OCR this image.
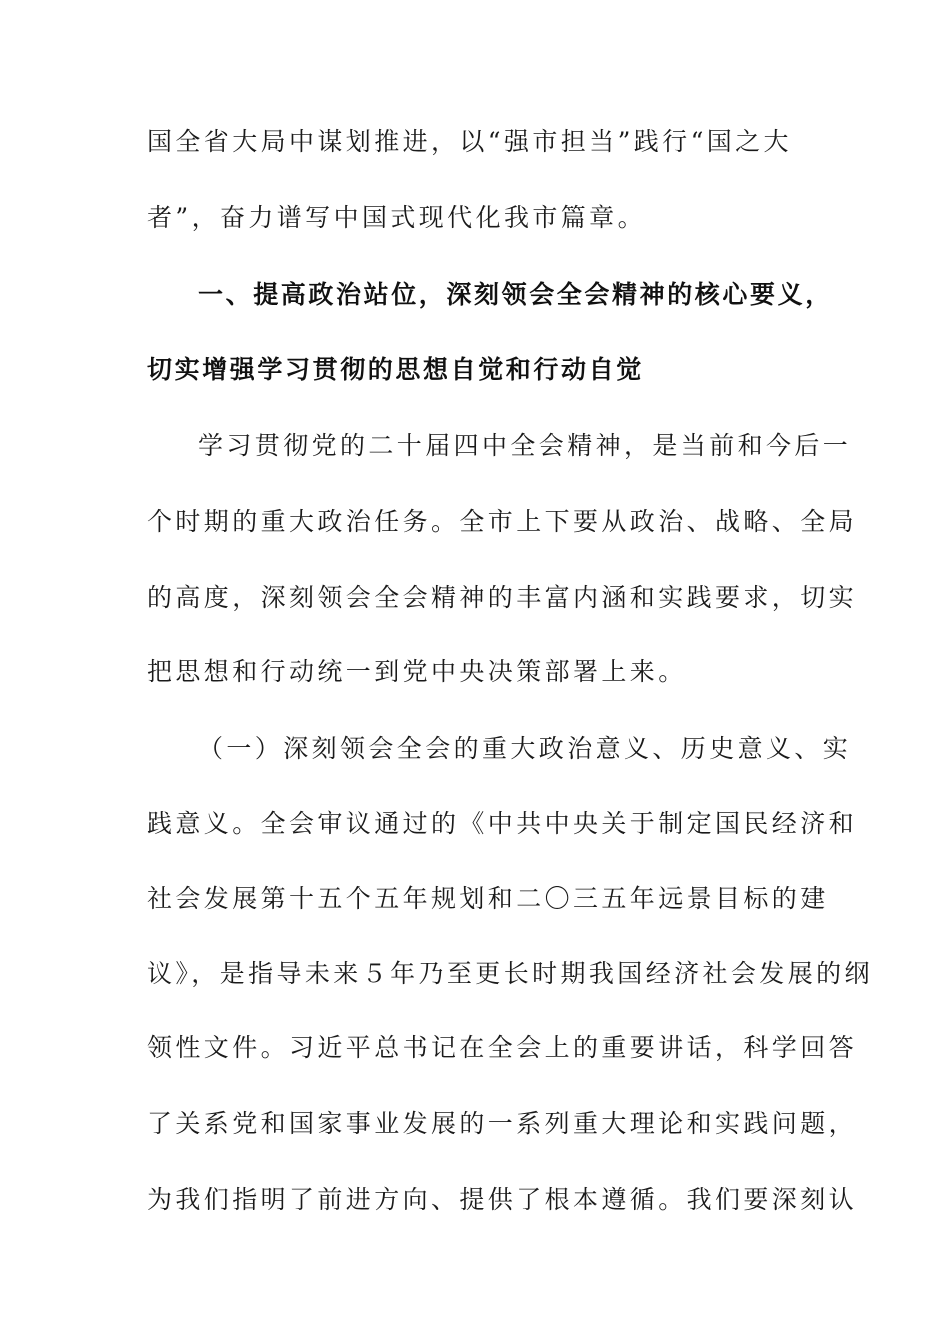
国全省大局中谋划推进，以“强市担当”践行“国之大
者”，奋力谱写中国式现代化我市篇章。
一、提高政治站位，深刻领会全会精神的核心要义，
切实增强学习贯彻的思想自觉和行动自觉
学习贯彻党的二十届四中全会精神，是当前和今后一
个时期的重大政治任务。全市上下要从政治、战略、全局
的高度，深刻领会全会精神的丰富内涵和实践要求，切实
把思想和行动统一到党中央决策部署上来。
（一）深刻领会全会的重大政治意义、历史意义、实
践意义。全会审议通过的《中共中央关于制定国民经济和
社会发展第十五个五年规划和二〇三五年远景目标的建
议》，是指导未来５年乃至更长时期我国经济社会发展的纲
领性文件。习近平总书记在全会上的重要讲话，科学回答
了关系党和国家事业发展的一系列重大理论和实践问题，
为我们指明了前进方向、提供了根本遵循。我们要深刻认
